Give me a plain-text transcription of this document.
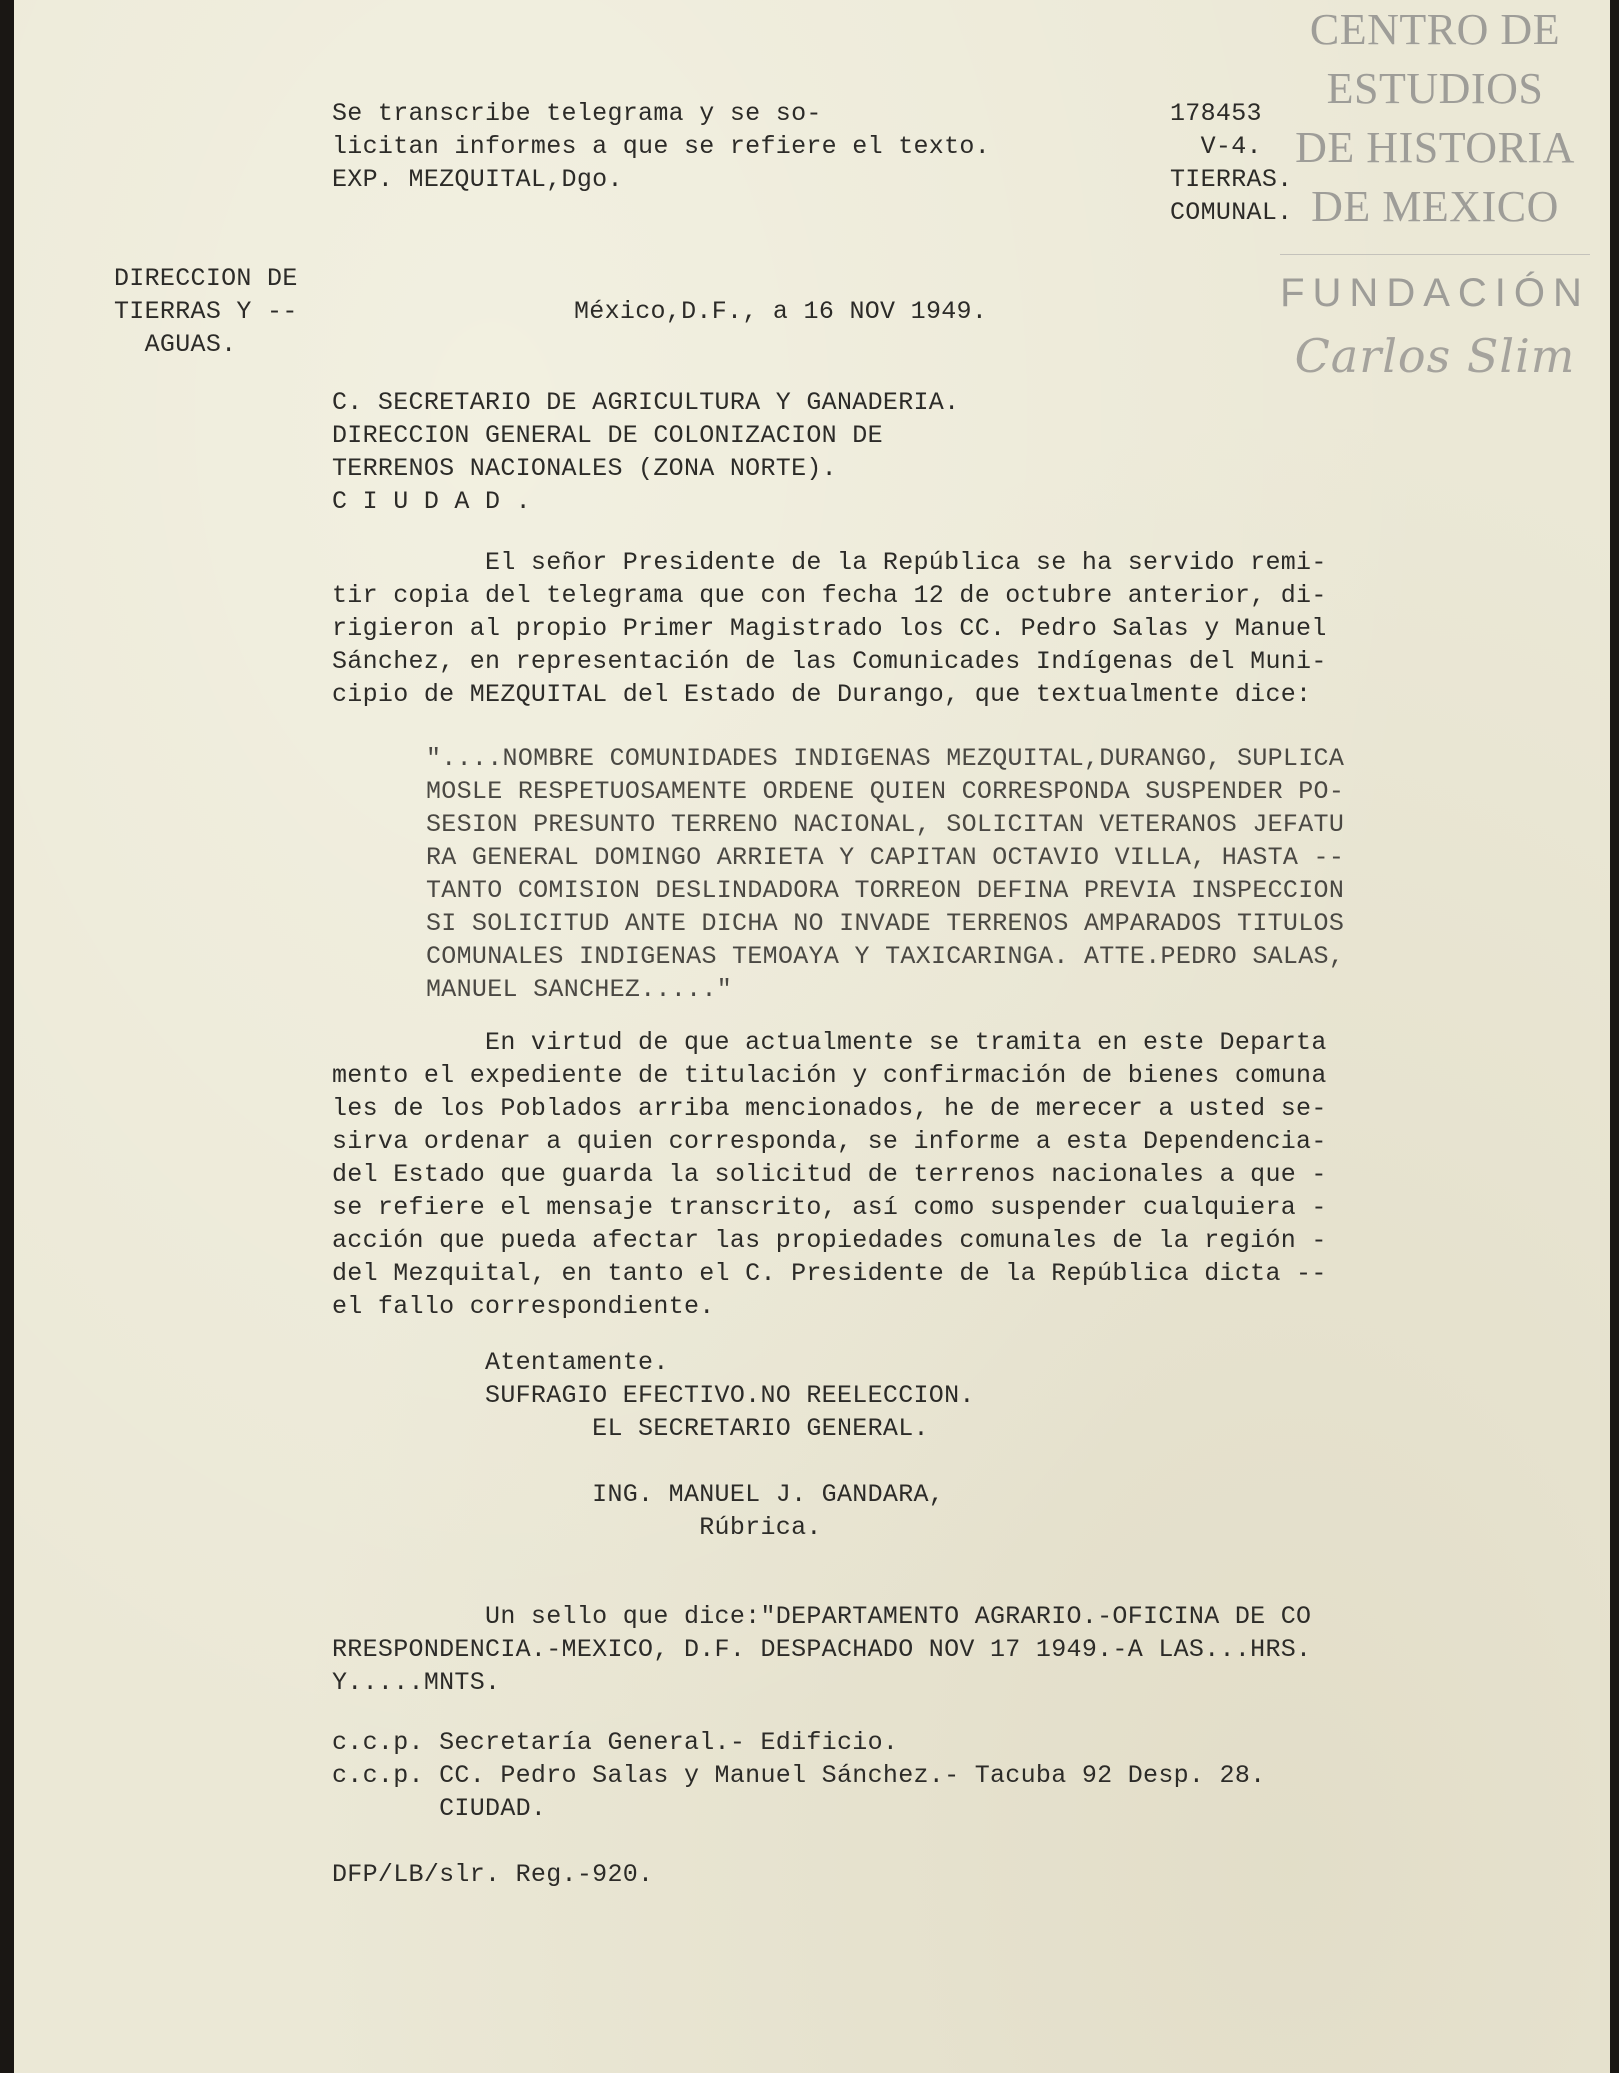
CENTRO DE
ESTUDIOS
DE HISTORIA
DE MEXICO
FUNDACIÓN
Carlos Slim
Se transcribe telegrama y se so-
licitan informes a que se refiere el texto.
EXP. MEZQUITAL,Dgo.
178453
V-4.
TIERRAS.
COMUNAL.
DIRECCION DE
TIERRAS Y --
AGUAS.
México,D.F., a 16 NOV 1949.
C. SECRETARIO DE AGRICULTURA Y GANADERIA.
DIRECCION GENERAL DE COLONIZACION DE
TERRENOS NACIONALES (ZONA NORTE).
C I U D A D .
El señor Presidente de la República se ha servido remi-
tir copia del telegrama que con fecha 12 de octubre anterior, di-
rigieron al propio Primer Magistrado los CC. Pedro Salas y Manuel
Sánchez, en representación de las Comunicades Indígenas del Muni-
cipio de MEZQUITAL del Estado de Durango, que textualmente dice:
"....NOMBRE COMUNIDADES INDIGENAS MEZQUITAL,DURANGO, SUPLICA
MOSLE RESPETUOSAMENTE ORDENE QUIEN CORRESPONDA SUSPENDER PO-
SESION PRESUNTO TERRENO NACIONAL, SOLICITAN VETERANOS JEFATU
RA GENERAL DOMINGO ARRIETA Y CAPITAN OCTAVIO VILLA, HASTA --
TANTO COMISION DESLINDADORA TORREON DEFINA PREVIA INSPECCION
SI SOLICITUD ANTE DICHA NO INVADE TERRENOS AMPARADOS TITULOS
COMUNALES INDIGENAS TEMOAYA Y TAXICARINGA. ATTE.PEDRO SALAS,
MANUEL SANCHEZ....."
En virtud de que actualmente se tramita en este Departa
mento el expediente de titulación y confirmación de bienes comuna
les de los Poblados arriba mencionados, he de merecer a usted se-
sirva ordenar a quien corresponda, se informe a esta Dependencia-
del Estado que guarda la solicitud de terrenos nacionales a que -
se refiere el mensaje transcrito, así como suspender cualquiera -
acción que pueda afectar las propiedades comunales de la región -
del Mezquital, en tanto el C. Presidente de la República dicta --
el fallo correspondiente.
Atentamente.
SUFRAGIO EFECTIVO.NO REELECCION.
EL SECRETARIO GENERAL.

ING. MANUEL J. GANDARA,
Rúbrica.
Un sello que dice:"DEPARTAMENTO AGRARIO.-OFICINA DE CO
RRESPONDENCIA.-MEXICO, D.F. DESPACHADO NOV 17 1949.-A LAS...HRS.
Y.....MNTS.
c.c.p. Secretaría General.- Edificio.
c.c.p. CC. Pedro Salas y Manuel Sánchez.- Tacuba 92 Desp. 28.
CIUDAD.
DFP/LB/slr. Reg.-920.
